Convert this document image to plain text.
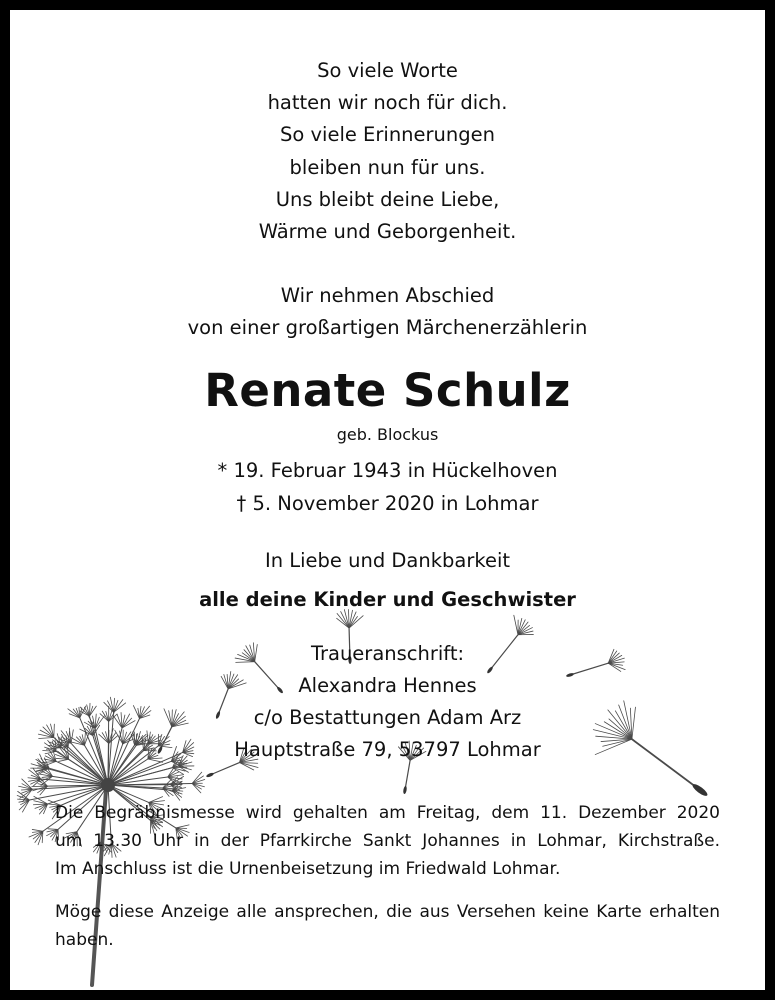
So viele Worte
hatten wir noch für dich.
So viele Erinnerungen
bleiben nun für uns.
Uns bleibt deine Liebe,
Wärme und Geborgenheit.
Wir nehmen Abschied
von einer großartigen Märchenerzählerin
Renate Schulz
geb. Blockus
* 19. Februar 1943 in Hückelhoven
† 5. November 2020 in Lohmar
In Liebe und Dankbarkeit
alle deine Kinder und Geschwister
Traueranschrift:
Alexandra Hennes
c/o Bestattungen Adam Arz
Hauptstraße 79, 53797 Lohmar
Die Begräbnismesse wird gehalten am Freitag, dem 11. Dezember 2020
um 13.30 Uhr in der Pfarrkirche Sankt Johannes in Lohmar, Kirchstraße.
Im Anschluss ist die Urnenbeisetzung im Friedwald Lohmar.
Möge diese Anzeige alle ansprechen, die aus Versehen keine Karte erhalten
haben.
